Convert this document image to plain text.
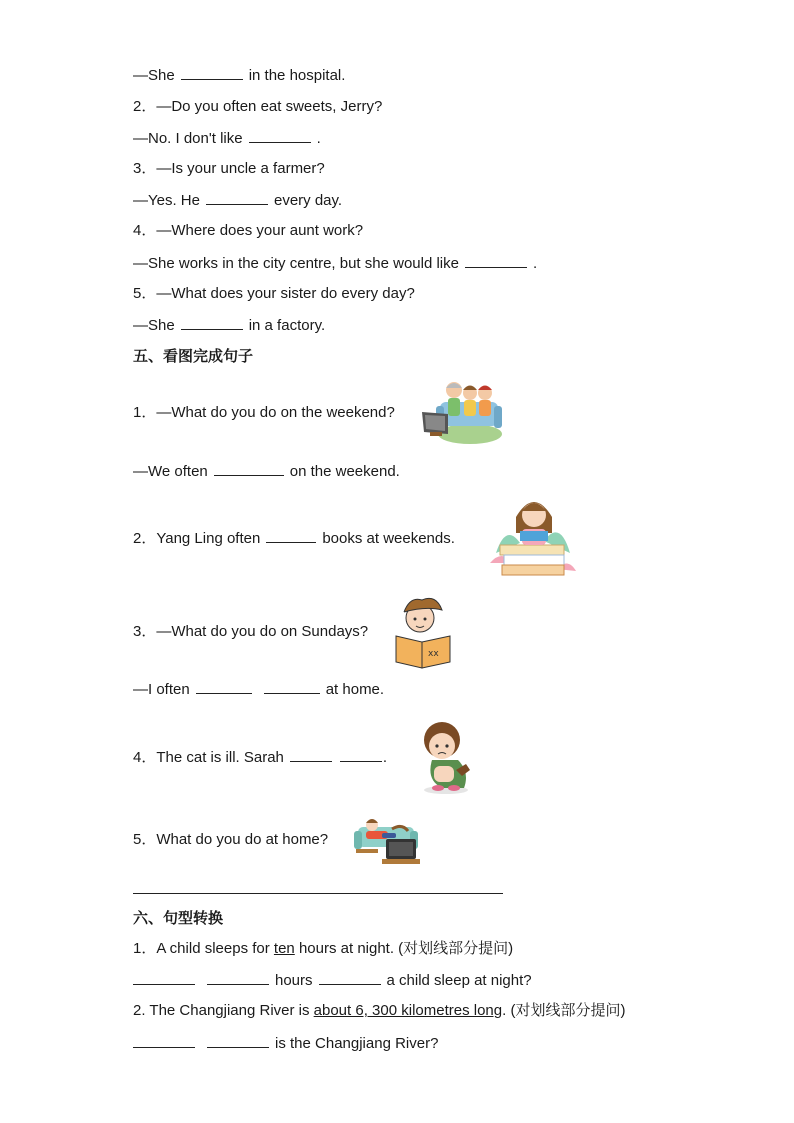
—She	in the hospital.
2．—Do you often eat sweets, Jerry?
—No. I don't like	.
3．—Is your uncle a farmer?
—Yes. He	every day.
4．—Where does your aunt work?
—She works in the city centre, but she would like	.
5．—What does your sister do every day?
—She	in a factory.
五、看图完成句子
1．—What do you do on the weekend?
—We often	on the weekend.
2．Yang Ling often	books at weekends.
3．—What do you do on Sundays?
xx
—I often	at home.
4．The cat is ill. Sarah	.
5．What do you do at home?
六、句型转换
1．A child sleeps for ten hours at night. (对划线部分提问)
hours	a child sleep at night?
2. The Changjiang River is about 6, 300 kilometres long. (对划线部分提问)
is the Changjiang River?
